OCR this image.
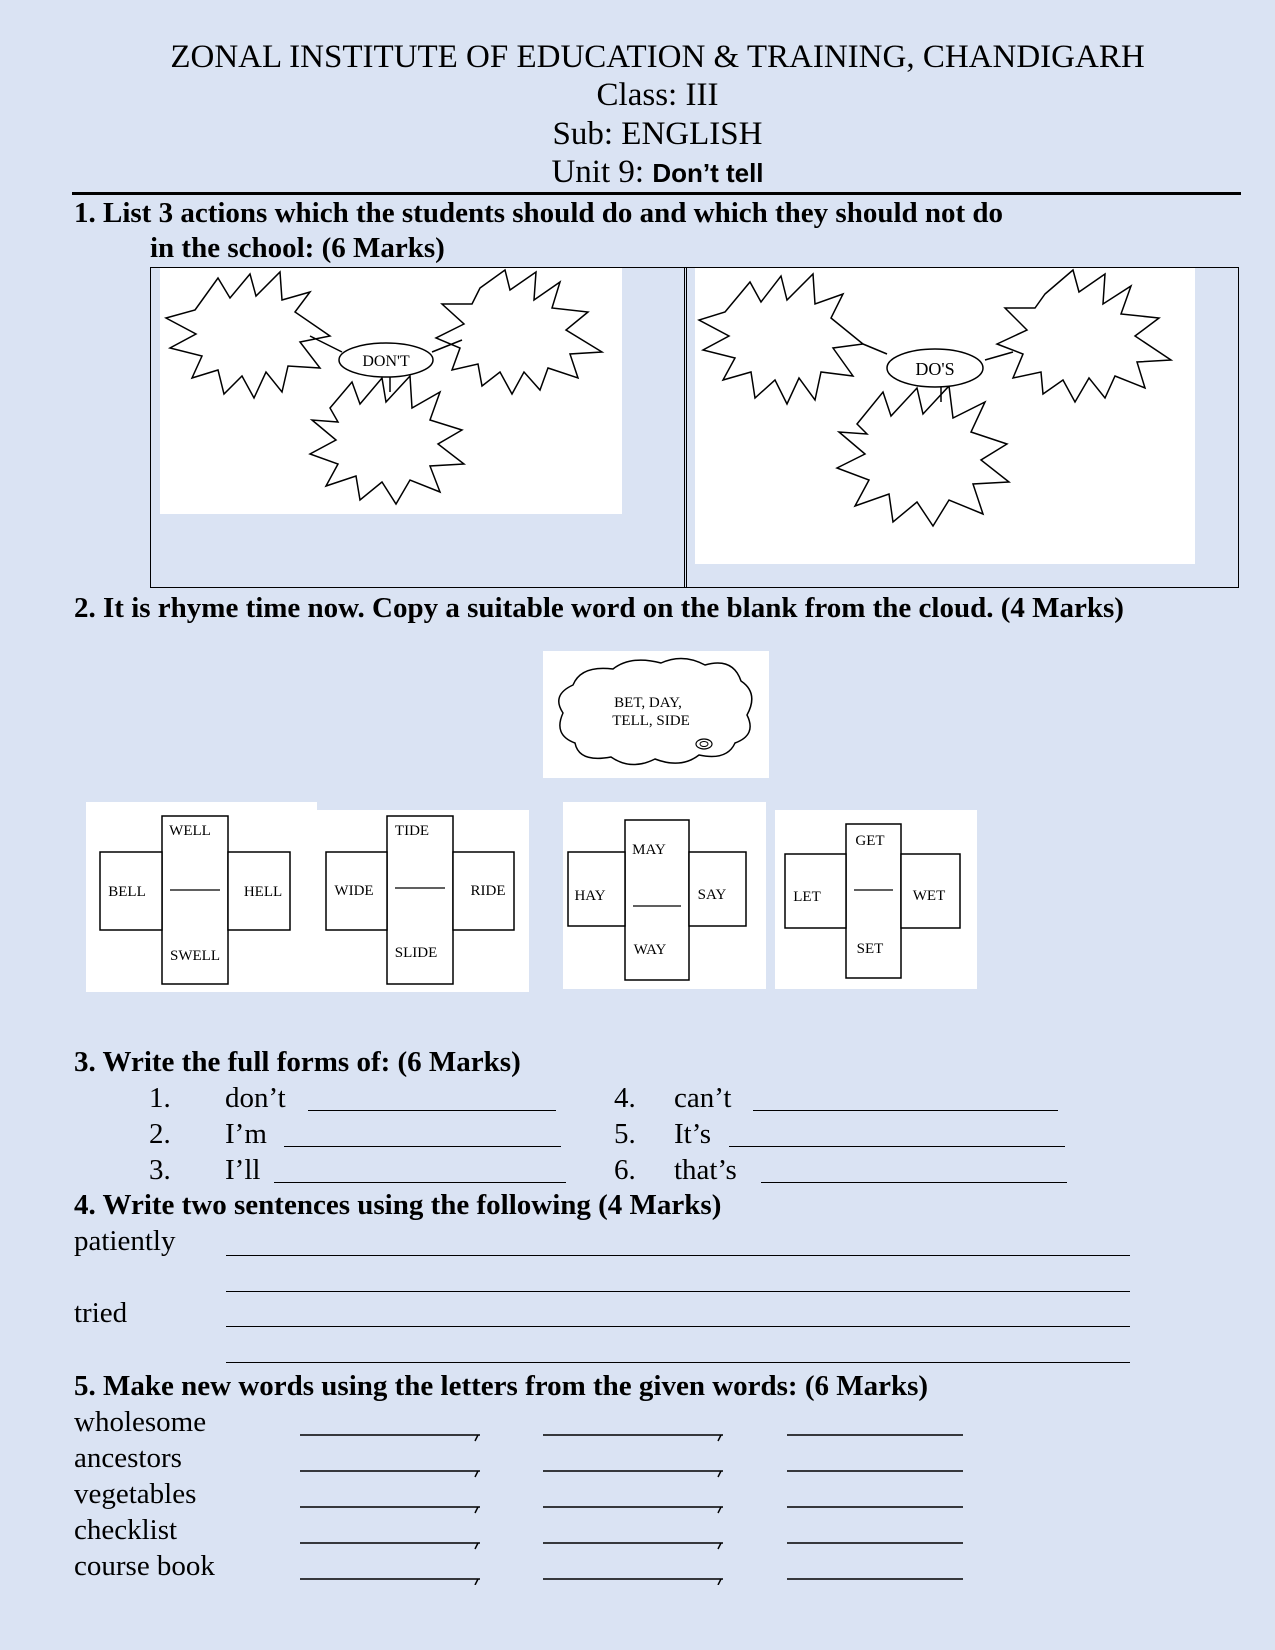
ZONAL INSTITUTE OF EDUCATION & TRAINING, CHANDIGARH
Class: III
Sub: ENGLISH
Unit 9: Don’t tell
1. List 3 actions which the students should do and which they should not do
in the school: (6 Marks)
DON'T	DO'S
2. It is rhyme time now. Copy a suitable word on the blank from the cloud. (4 Marks)
BET, DAY,
TELL, SIDE
WELL
BELL	HELL
SWELL
TIDE
WIDE	RIDE
SLIDE
MAY
HAY	SAY
WAY
GET
LET	WET
SET
3. Write the full forms of: (6 Marks)
1. don’t
2. I’m
3. I’ll
4. can’t
5. It’s
6. that’s
4. Write two sentences using the following (4 Marks)
patiently
tried
5. Make new words using the letters from the given words: (6 Marks)
wholesome
ancestors
vegetables
checklist
course book
